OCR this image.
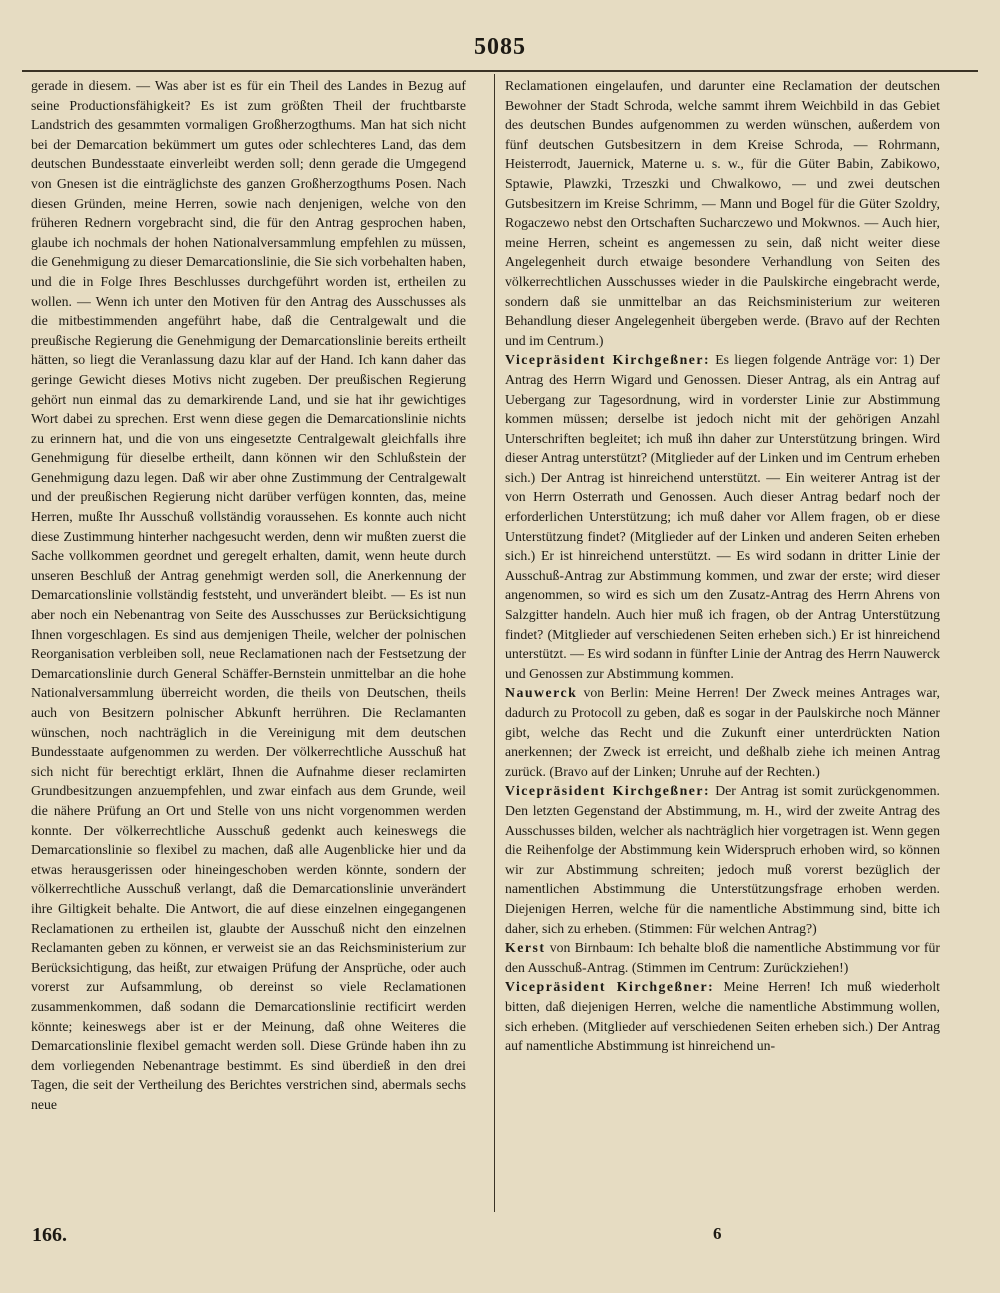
5085

gerade in diesem. — Was aber ist es für ein Theil des Landes in Bezug auf seine Productionsfähigkeit? Es ist zum größten Theil der fruchtbarste Landstrich des gesammten vormaligen Großherzogthums. Man hat sich nicht bei der Demarcation bekümmert um gutes oder schlechteres Land, das dem deutschen Bundesstaate einverleibt werden soll; denn gerade die Umgegend von Gnesen ist die einträglichste des ganzen Großherzogthums Posen. Nach diesen Gründen, meine Herren, sowie nach denjenigen, welche von den früheren Rednern vorgebracht sind, die für den Antrag gesprochen haben, glaube ich nochmals der hohen Nationalversammlung empfehlen zu müssen, die Genehmigung zu dieser Demarcationslinie, die Sie sich vorbehalten haben, und die in Folge Ihres Beschlusses durchgeführt worden ist, ertheilen zu wollen. — Wenn ich unter den Motiven für den Antrag des Ausschusses als die mitbestimmenden angeführt habe, daß die Centralgewalt und die preußische Regierung die Genehmigung der Demarcationslinie bereits ertheilt hätten, so liegt die Veranlassung dazu klar auf der Hand. Ich kann daher das geringe Gewicht dieses Motivs nicht zugeben. Der preußischen Regierung gehört nun einmal das zu demarkirende Land, und sie hat ihr gewichtiges Wort dabei zu sprechen. Erst wenn diese gegen die Demarcationslinie nichts zu erinnern hat, und die von uns eingesetzte Centralgewalt gleichfalls ihre Genehmigung für dieselbe ertheilt, dann können wir den Schlußstein der Genehmigung dazu legen. Daß wir aber ohne Zustimmung der Centralgewalt und der preußischen Regierung nicht darüber verfügen konnten, das, meine Herren, mußte Ihr Ausschuß vollständig voraussehen. Es konnte auch nicht diese Zustimmung hinterher nachgesucht werden, denn wir mußten zuerst die Sache vollkommen geordnet und geregelt erhalten, damit, wenn heute durch unseren Beschluß der Antrag genehmigt werden soll, die Anerkennung der Demarcationslinie vollständig feststeht, und unverändert bleibt. — Es ist nun aber noch ein Nebenantrag von Seite des Ausschusses zur Berücksichtigung Ihnen vorgeschlagen. Es sind aus demjenigen Theile, welcher der polnischen Reorganisation verbleiben soll, neue Reclamationen nach der Festsetzung der Demarcationslinie durch General Schäffer-Bernstein unmittelbar an die hohe Nationalversammlung überreicht worden, die theils von Deutschen, theils auch von Besitzern polnischer Abkunft herrühren. Die Reclamanten wünschen, noch nachträglich in die Vereinigung mit dem deutschen Bundesstaate aufgenommen zu werden. Der völkerrechtliche Ausschuß hat sich nicht für berechtigt erklärt, Ihnen die Aufnahme dieser reclamirten Grundbesitzungen anzuempfehlen, und zwar einfach aus dem Grunde, weil die nähere Prüfung an Ort und Stelle von uns nicht vorgenommen werden konnte. Der völkerrechtliche Ausschuß gedenkt auch keineswegs die Demarcationslinie so flexibel zu machen, daß alle Augenblicke hier und da etwas herausgerissen oder hineingeschoben werden könnte, sondern der völkerrechtliche Ausschuß verlangt, daß die Demarcationslinie unverändert ihre Giltigkeit behalte. Die Antwort, die auf diese einzelnen eingegangenen Reclamationen zu ertheilen ist, glaubte der Ausschuß nicht den einzelnen Reclamanten geben zu können, er verweist sie an das Reichsministerium zur Berücksichtigung, das heißt, zur etwaigen Prüfung der Ansprüche, oder auch vorerst zur Aufsammlung, ob dereinst so viele Reclamationen zusammenkommen, daß sodann die Demarcationslinie rectificirt werden könnte; keineswegs aber ist er der Meinung, daß ohne Weiteres die Demarcationslinie flexibel gemacht werden soll. Diese Gründe haben ihn zu dem vorliegenden Nebenantrage bestimmt. Es sind überdieß in den drei Tagen, die seit der Vertheilung des Berichtes verstrichen sind, abermals sechs neue

Reclamationen eingelaufen, und darunter eine Reclamation der deutschen Bewohner der Stadt Schroda, welche sammt ihrem Weichbild in das Gebiet des deutschen Bundes aufgenommen zu werden wünschen, außerdem von fünf deutschen Gutsbesitzern in dem Kreise Schroda, — Rohrmann, Heisterrodt, Jauernick, Materne u. s. w., für die Güter Babin, Zabikowo, Sptawie, Plawzki, Trzeszki und Chwalkowo, — und zwei deutschen Gutsbesitzern im Kreise Schrimm, — Mann und Bogel für die Güter Szoldry, Rogaczewo nebst den Ortschaften Sucharczewo und Mokwnos. — Auch hier, meine Herren, scheint es angemessen zu sein, daß nicht weiter diese Angelegenheit durch etwaige besondere Verhandlung von Seiten des völkerrechtlichen Ausschusses wieder in die Paulskirche eingebracht werde, sondern daß sie unmittelbar an das Reichsministerium zur weiteren Behandlung dieser Angelegenheit übergeben werde. (Bravo auf der Rechten und im Centrum.)

Vicepräsident Kirchgeßner: Es liegen folgende Anträge vor: 1) Der Antrag des Herrn Wigard und Genossen. Dieser Antrag, als ein Antrag auf Uebergang zur Tagesordnung, wird in vorderster Linie zur Abstimmung kommen müssen; derselbe ist jedoch nicht mit der gehörigen Anzahl Unterschriften begleitet; ich muß ihn daher zur Unterstützung bringen. Wird dieser Antrag unterstützt? (Mitglieder auf der Linken und im Centrum erheben sich.) Der Antrag ist hinreichend unterstützt. — Ein weiterer Antrag ist der von Herrn Osterrath und Genossen. Auch dieser Antrag bedarf noch der erforderlichen Unterstützung; ich muß daher vor Allem fragen, ob er diese Unterstützung findet? (Mitglieder auf der Linken und anderen Seiten erheben sich.) Er ist hinreichend unterstützt. — Es wird sodann in dritter Linie der Ausschuß-Antrag zur Abstimmung kommen, und zwar der erste; wird dieser angenommen, so wird es sich um den Zusatz-Antrag des Herrn Ahrens von Salzgitter handeln. Auch hier muß ich fragen, ob der Antrag Unterstützung findet? (Mitglieder auf verschiedenen Seiten erheben sich.) Er ist hinreichend unterstützt. — Es wird sodann in fünfter Linie der Antrag des Herrn Nauwerck und Genossen zur Abstimmung kommen.

Nauwerck von Berlin: Meine Herren! Der Zweck meines Antrages war, dadurch zu Protocoll zu geben, daß es sogar in der Paulskirche noch Männer gibt, welche das Recht und die Zukunft einer unterdrückten Nation anerkennen; der Zweck ist erreicht, und deßhalb ziehe ich meinen Antrag zurück. (Bravo auf der Linken; Unruhe auf der Rechten.)

Vicepräsident Kirchgeßner: Der Antrag ist somit zurückgenommen. Den letzten Gegenstand der Abstimmung, m. H., wird der zweite Antrag des Ausschusses bilden, welcher als nachträglich hier vorgetragen ist. Wenn gegen die Reihenfolge der Abstimmung kein Widerspruch erhoben wird, so können wir zur Abstimmung schreiten; jedoch muß vorerst bezüglich der namentlichen Abstimmung die Unterstützungsfrage erhoben werden. Diejenigen Herren, welche für die namentliche Abstimmung sind, bitte ich daher, sich zu erheben. (Stimmen: Für welchen Antrag?)

Kerst von Birnbaum: Ich behalte bloß die namentliche Abstimmung vor für den Ausschuß-Antrag. (Stimmen im Centrum: Zurückziehen!)

Vicepräsident Kirchgeßner: Meine Herren! Ich muß wiederholt bitten, daß diejenigen Herren, welche die namentliche Abstimmung wollen, sich erheben. (Mitglieder auf verschiedenen Seiten erheben sich.) Der Antrag auf namentliche Abstimmung ist hinreichend un-

166.	6
